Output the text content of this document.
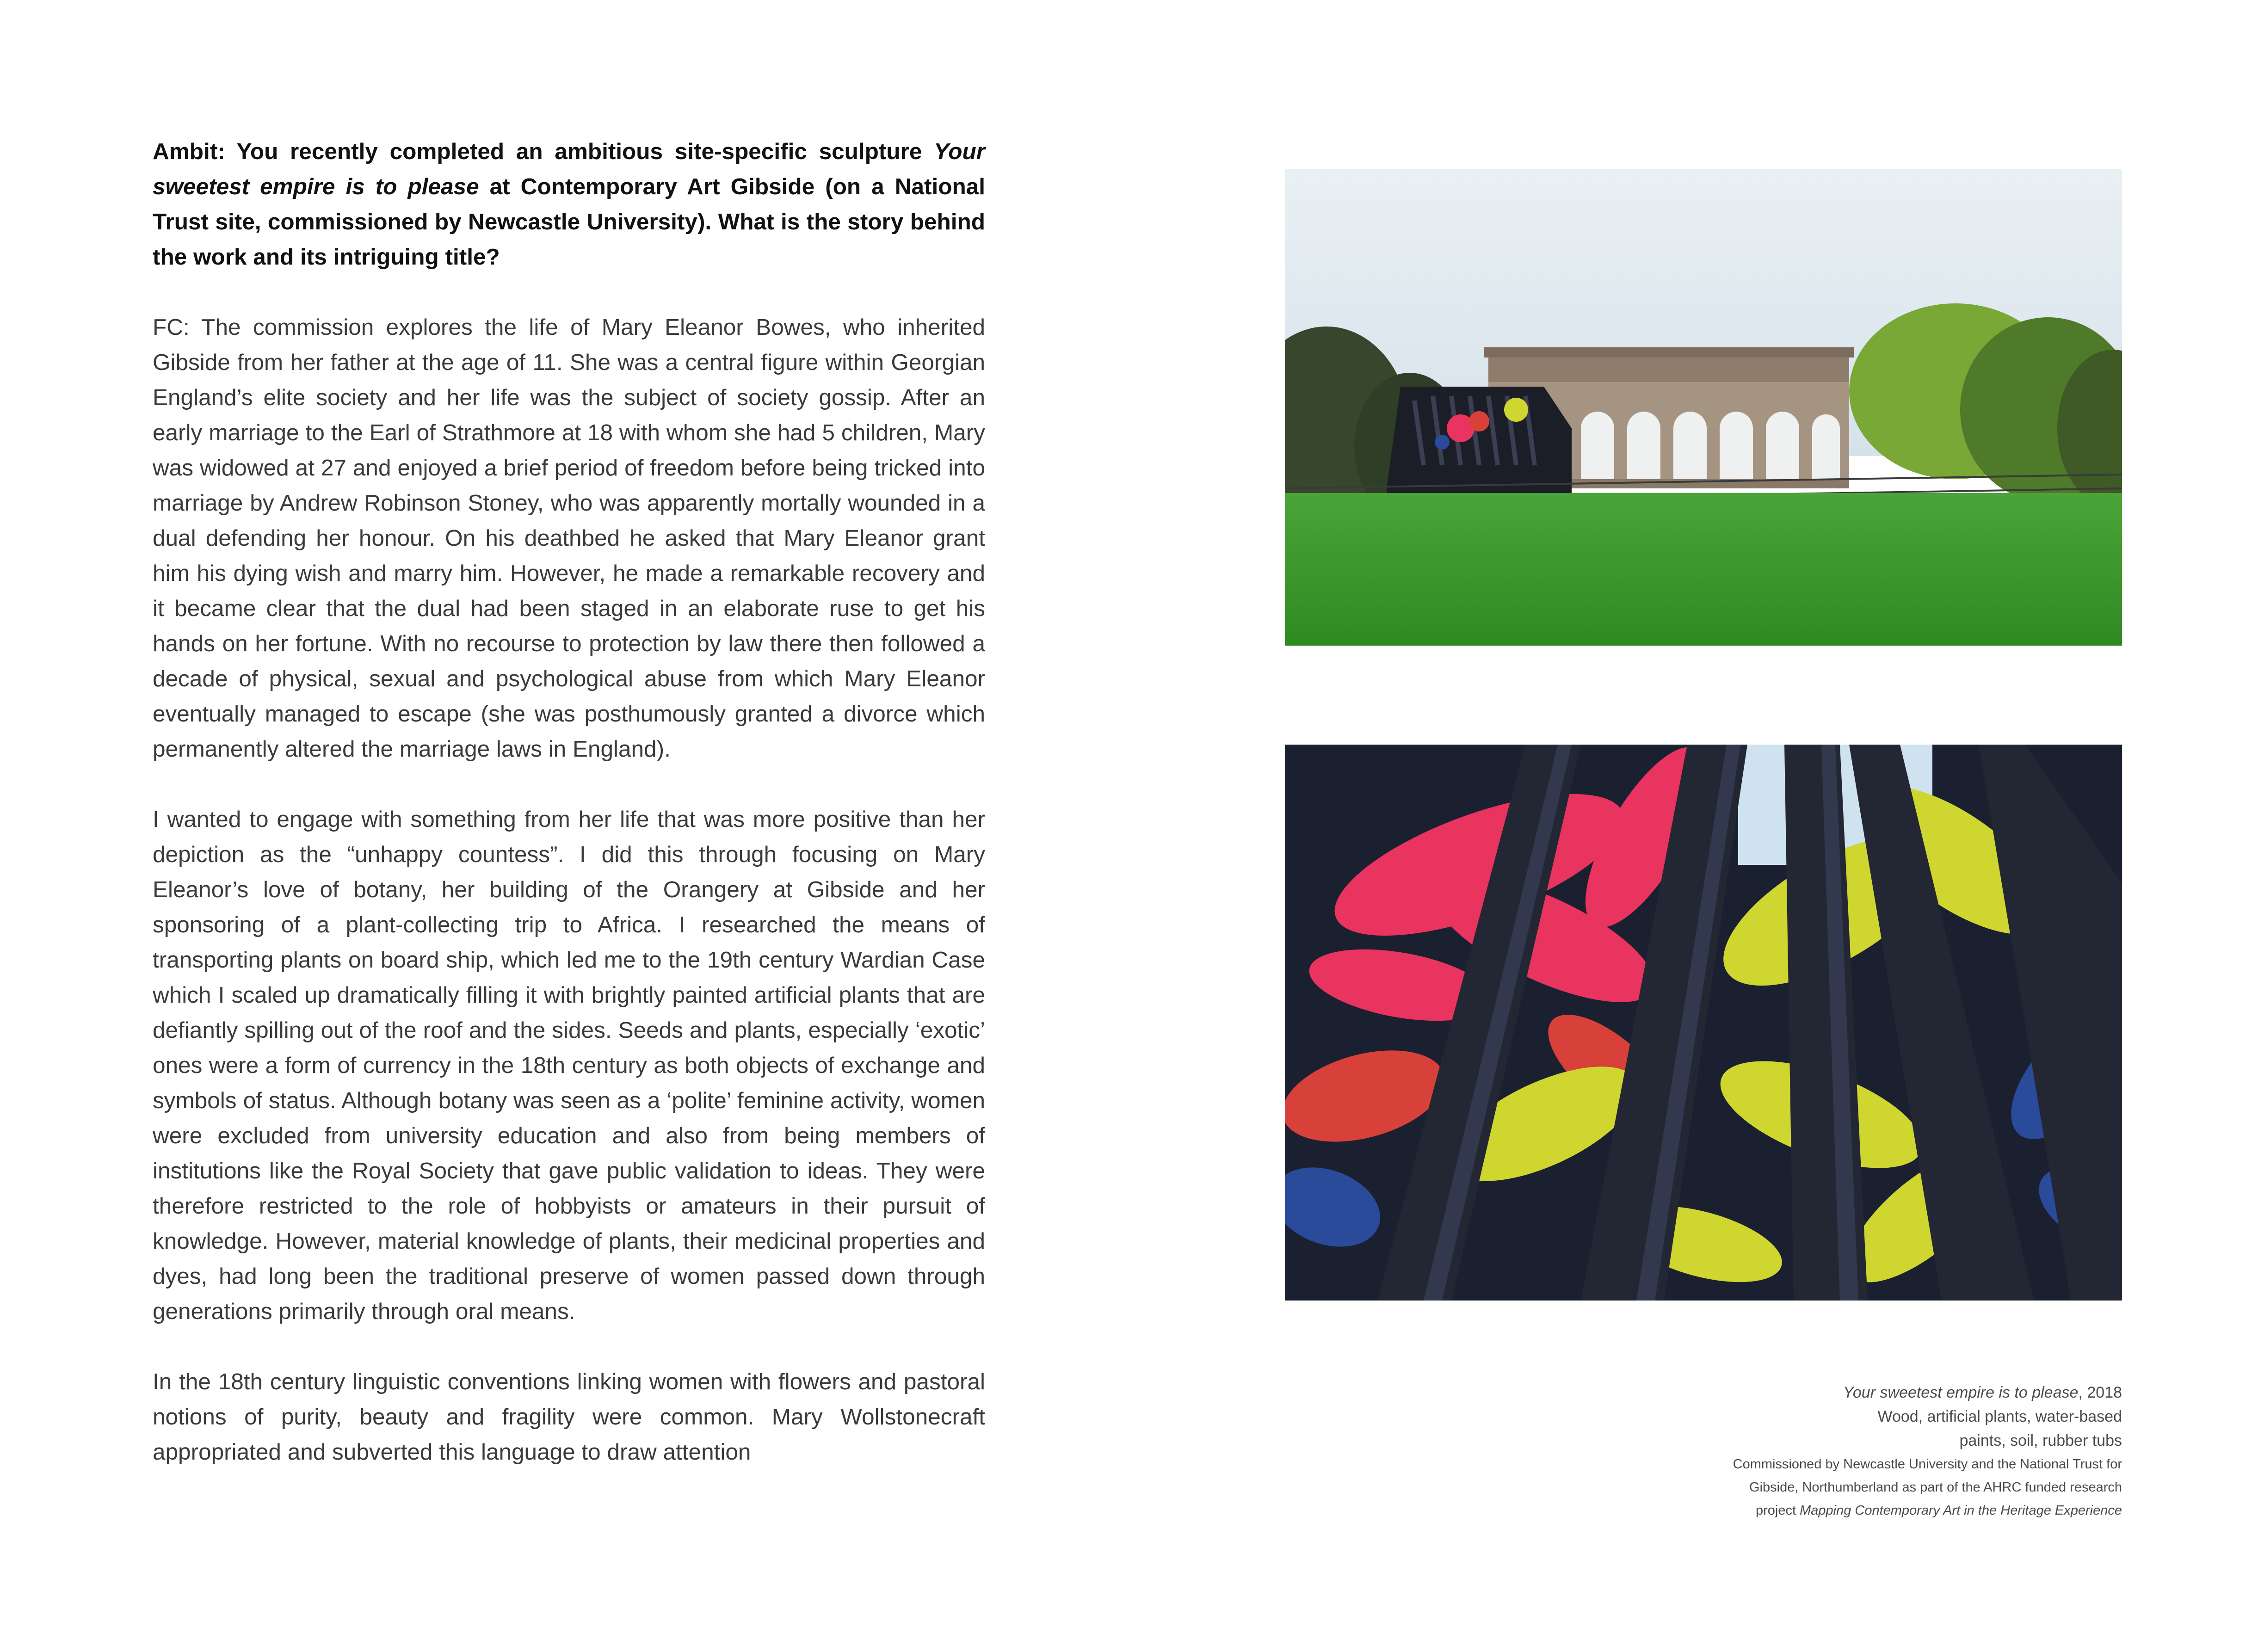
Ambit: You recently completed an ambitious site-specific sculpture Your sweetest empire is to please at Contemporary Art Gibside (on a National Trust site, commissioned by Newcastle University). What is the story behind the work and its intriguing title?

FC: The commission explores the life of Mary Eleanor Bowes, who inherited Gibside from her father at the age of 11. She was a central figure within Georgian England’s elite society and her life was the subject of society gossip. After an early marriage to the Earl of Strathmore at 18 with whom she had 5 children, Mary was widowed at 27 and enjoyed a brief period of freedom before being tricked into marriage by Andrew Robinson Stoney, who was apparently mortally wounded in a dual defending her honour. On his deathbed he asked that Mary Eleanor grant him his dying wish and marry him. However, he made a remarkable recovery and it became clear that the dual had been staged in an elaborate ruse to get his hands on her fortune. With no recourse to protection by law there then followed a decade of physical, sexual and psychological abuse from which Mary Eleanor eventually managed to escape (she was posthumously granted a divorce which permanently altered the marriage laws in England).

I wanted to engage with something from her life that was more positive than her depiction as the “unhappy countess”. I did this through focusing on Mary Eleanor’s love of botany, her building of the Orangery at Gibside and her sponsoring of a plant-collecting trip to Africa. I researched the means of transporting plants on board ship, which led me to the 19th century Wardian Case which I scaled up dramatically filling it with brightly painted artificial plants that are defiantly spilling out of the roof and the sides. Seeds and plants, especially ‘exotic’ ones were a form of currency in the 18th century as both objects of exchange and symbols of status. Although botany was seen as a ‘polite’ feminine activity, women were excluded from university education and also from being members of institutions like the Royal Society that gave public validation to ideas. They were therefore restricted to the role of hobbyists or amateurs in their pursuit of knowledge. However, material knowledge of plants, their medicinal properties and dyes, had long been the traditional preserve of women passed down through generations primarily through oral means.

In the 18th century linguistic conventions linking women with flowers and pastoral notions of purity, beauty and fragility were common. Mary Wollstonecraft appropriated and subverted this language to draw attention

Your sweetest empire is to please, 2018
Wood, artificial plants, water-based
paints, soil, rubber tubs
Commissioned by Newcastle University and the National Trust for
Gibside, Northumberland as part of the AHRC funded research
project Mapping Contemporary Art in the Heritage Experience
